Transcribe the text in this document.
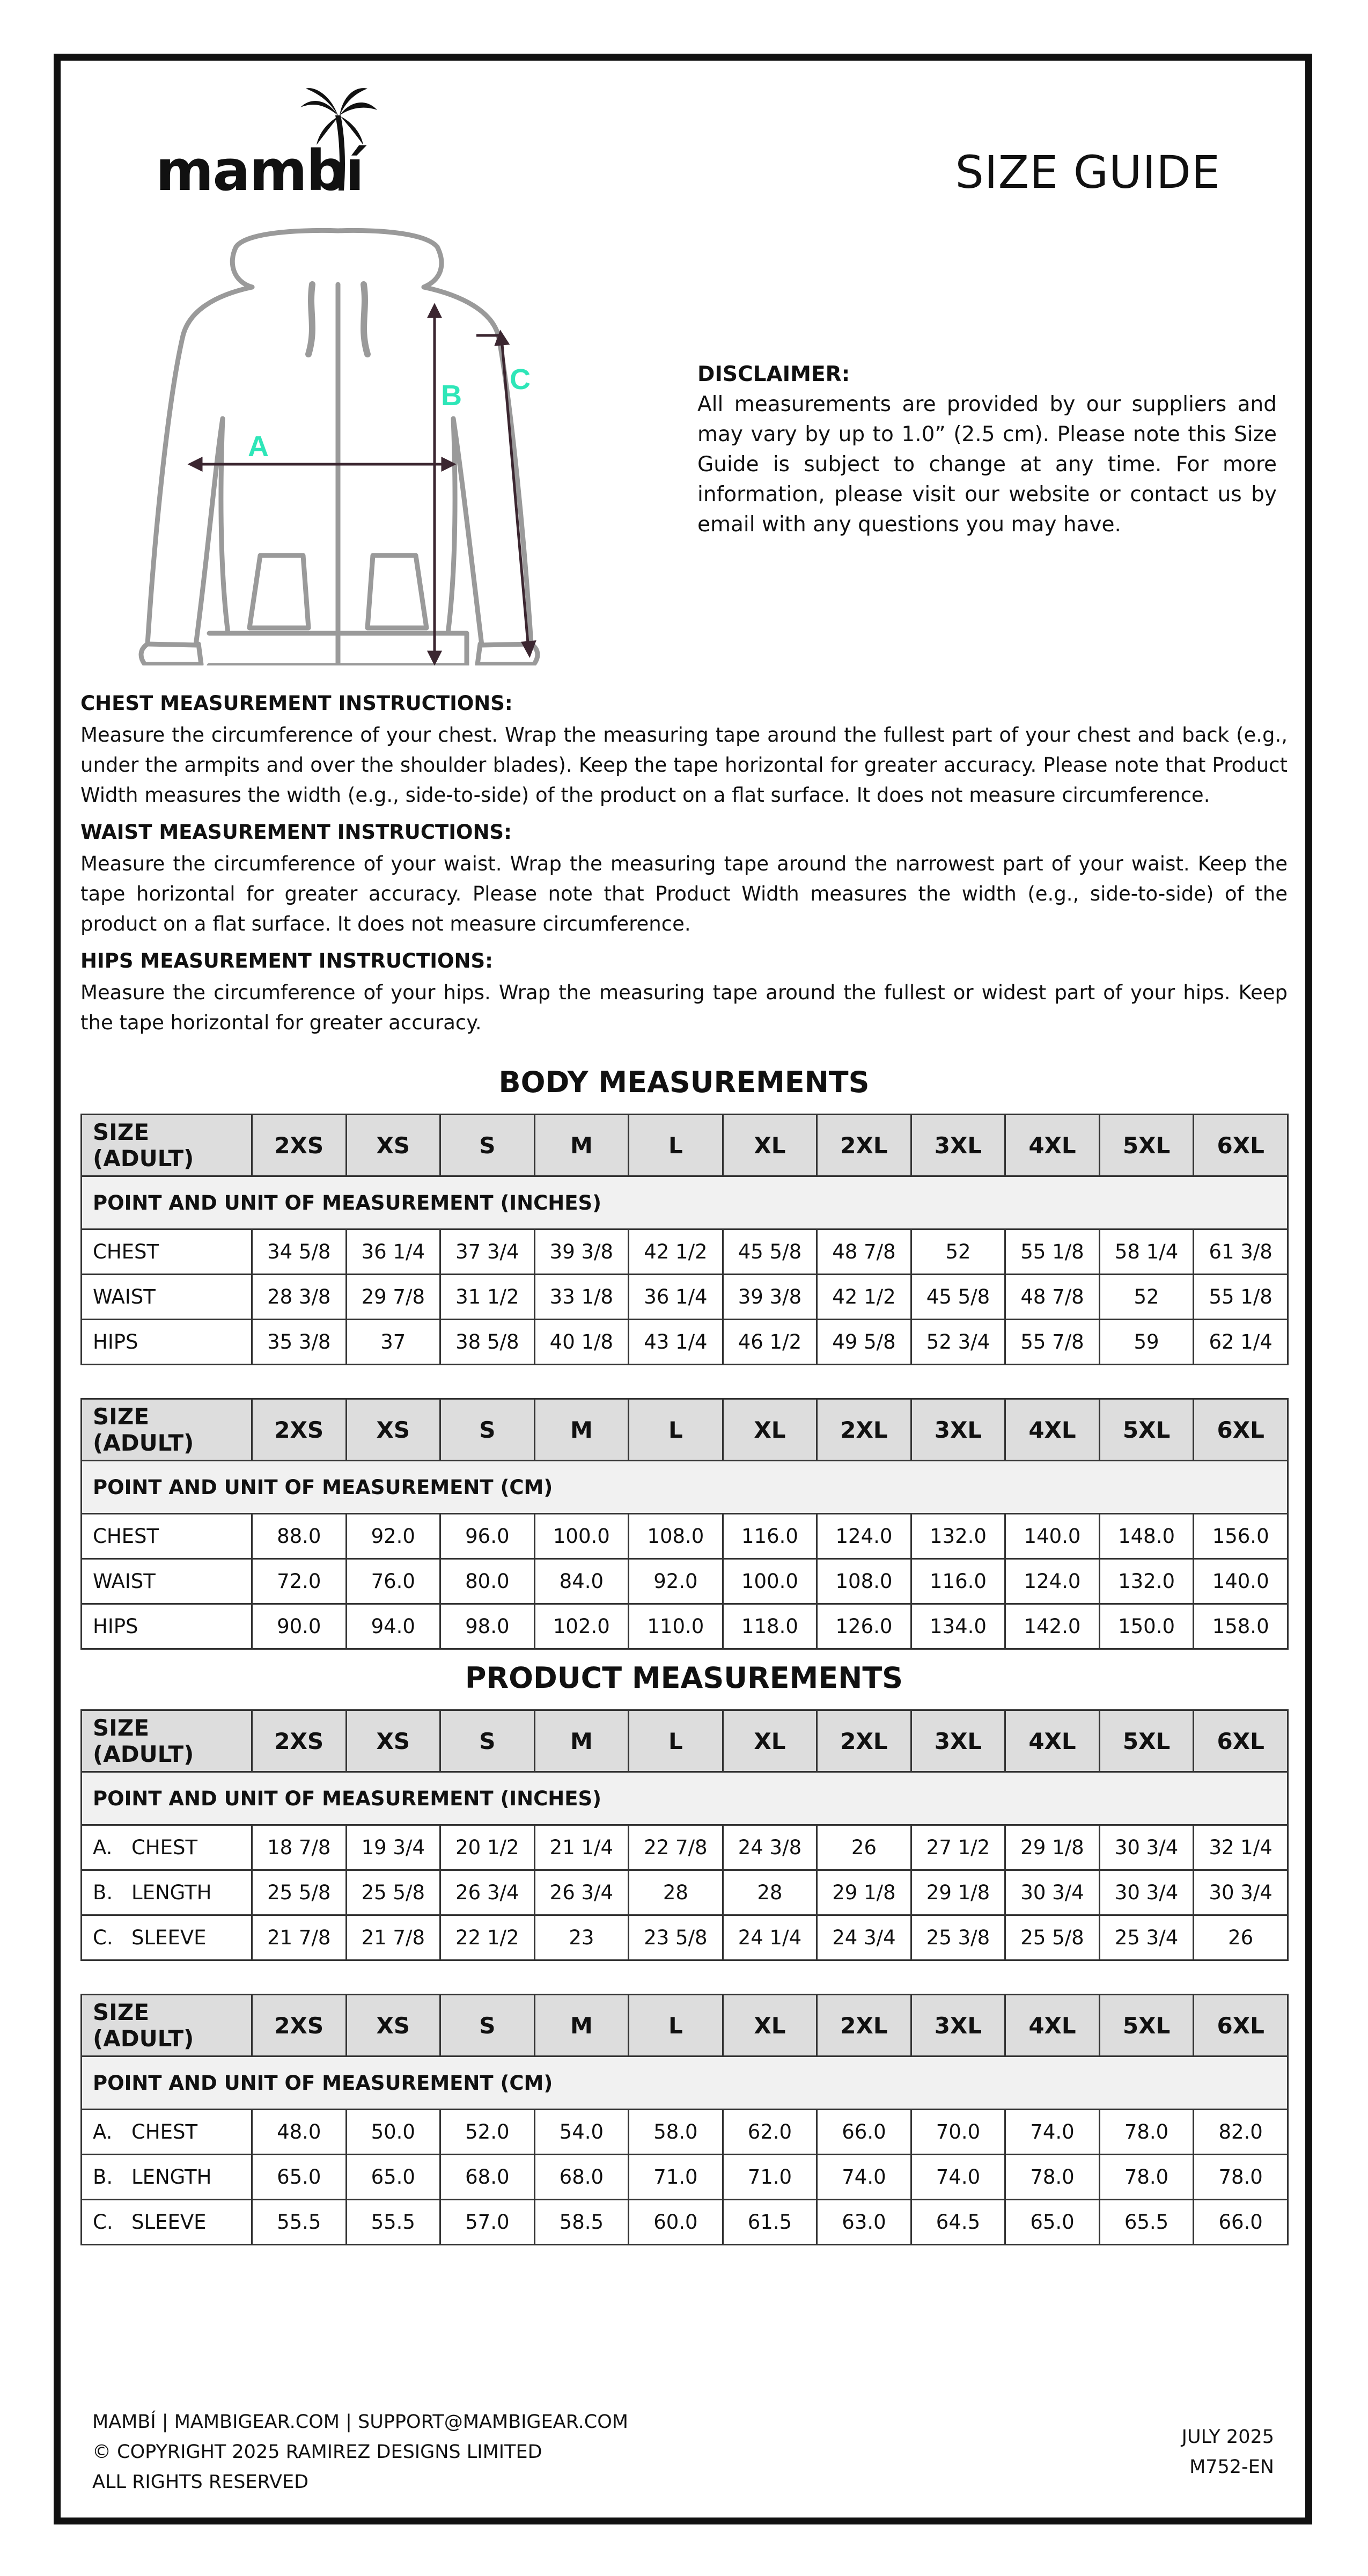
mambí	SIZE GUIDE
A
B C	DISCLAIMER:
All measurements are provided by our suppliers and may vary by up to 1.0” (2.5 cm). Please note this Size Guide is subject to change at any time. For more information, please visit our website or contact us by email with any questions you may have.
CHEST MEASUREMENT INSTRUCTIONS:

Measure the circumference of your chest. Wrap the measuring tape around the fullest part of your chest and back (e.g., under the armpits and over the shoulder blades). Keep the tape horizontal for greater accuracy. Please note that Product Width measures the width (e.g., side-to-side) of the product on a flat surface. It does not measure circumference.

WAIST MEASUREMENT INSTRUCTIONS:

Measure the circumference of your waist. Wrap the measuring tape around the narrowest part of your waist. Keep the tape horizontal for greater accuracy. Please note that Product Width measures the width (e.g., side-to-side) of the product on a flat surface. It does not measure circumference.

HIPS MEASUREMENT INSTRUCTIONS:

Measure the circumference of your hips. Wrap the measuring tape around the fullest or widest part of your hips. Keep the tape horizontal for greater accuracy.

BODY MEASUREMENTS
SIZE (ADULT)	2XS	XS	S	M	L	XL	2XL	3XL	4XL	5XL	6XL
POINT AND UNIT OF MEASUREMENT (INCHES)											
CHEST	34 5/8	36 1/4	37 3/4	39 3/8	42 1/2	45 5/8	48 7/8	52	55 1/8	58 1/4	61 3/8
WAIST	28 3/8	29 7/8	31 1/2	33 1/8	36 1/4	39 3/8	42 1/2	45 5/8	48 7/8	52	55 1/8
HIPS	35 3/8	37	38 5/8	40 1/8	43 1/4	46 1/2	49 5/8	52 3/4	55 7/8	59	62 1/4
SIZE (ADULT)	2XS	XS	S	M	L	XL	2XL	3XL	4XL	5XL	6XL
POINT AND UNIT OF MEASUREMENT (CM)											
CHEST	88.0	92.0	96.0	100.0	108.0	116.0	124.0	132.0	140.0	148.0	156.0
WAIST	72.0	76.0	80.0	84.0	92.0	100.0	108.0	116.0	124.0	132.0	140.0
HIPS	90.0	94.0	98.0	102.0	110.0	118.0	126.0	134.0	142.0	150.0	158.0
PRODUCT MEASUREMENTS
SIZE (ADULT)	2XS	XS	S	M	L	XL	2XL	3XL	4XL	5XL	6XL
POINT AND UNIT OF MEASUREMENT (INCHES)											
A. CHEST	18 7/8	19 3/4	20 1/2	21 1/4	22 7/8	24 3/8	26	27 1/2	29 1/8	30 3/4	32 1/4
B. LENGTH	25 5/8	25 5/8	26 3/4	26 3/4	28	28	29 1/8	29 1/8	30 3/4	30 3/4	30 3/4
C. SLEEVE	21 7/8	21 7/8	22 1/2	23	23 5/8	24 1/4	24 3/4	25 3/8	25 5/8	25 3/4	26
SIZE (ADULT)	2XS	XS	S	M	L	XL	2XL	3XL	4XL	5XL	6XL
POINT AND UNIT OF MEASUREMENT (CM)											
A. CHEST	48.0	50.0	52.0	54.0	58.0	62.0	66.0	70.0	74.0	78.0	82.0
B. LENGTH	65.0	65.0	68.0	68.0	71.0	71.0	74.0	74.0	78.0	78.0	78.0
C. SLEEVE	55.5	55.5	57.0	58.5	60.0	61.5	63.0	64.5	65.0	65.5	66.0
MAMBÍ | MAMBIGEAR.COM | SUPPORT@MAMBIGEAR.COM
© COPYRIGHT 2025 RAMIREZ DESIGNS LIMITED
ALL RIGHTS RESERVED
JULY 2025
M752-EN
